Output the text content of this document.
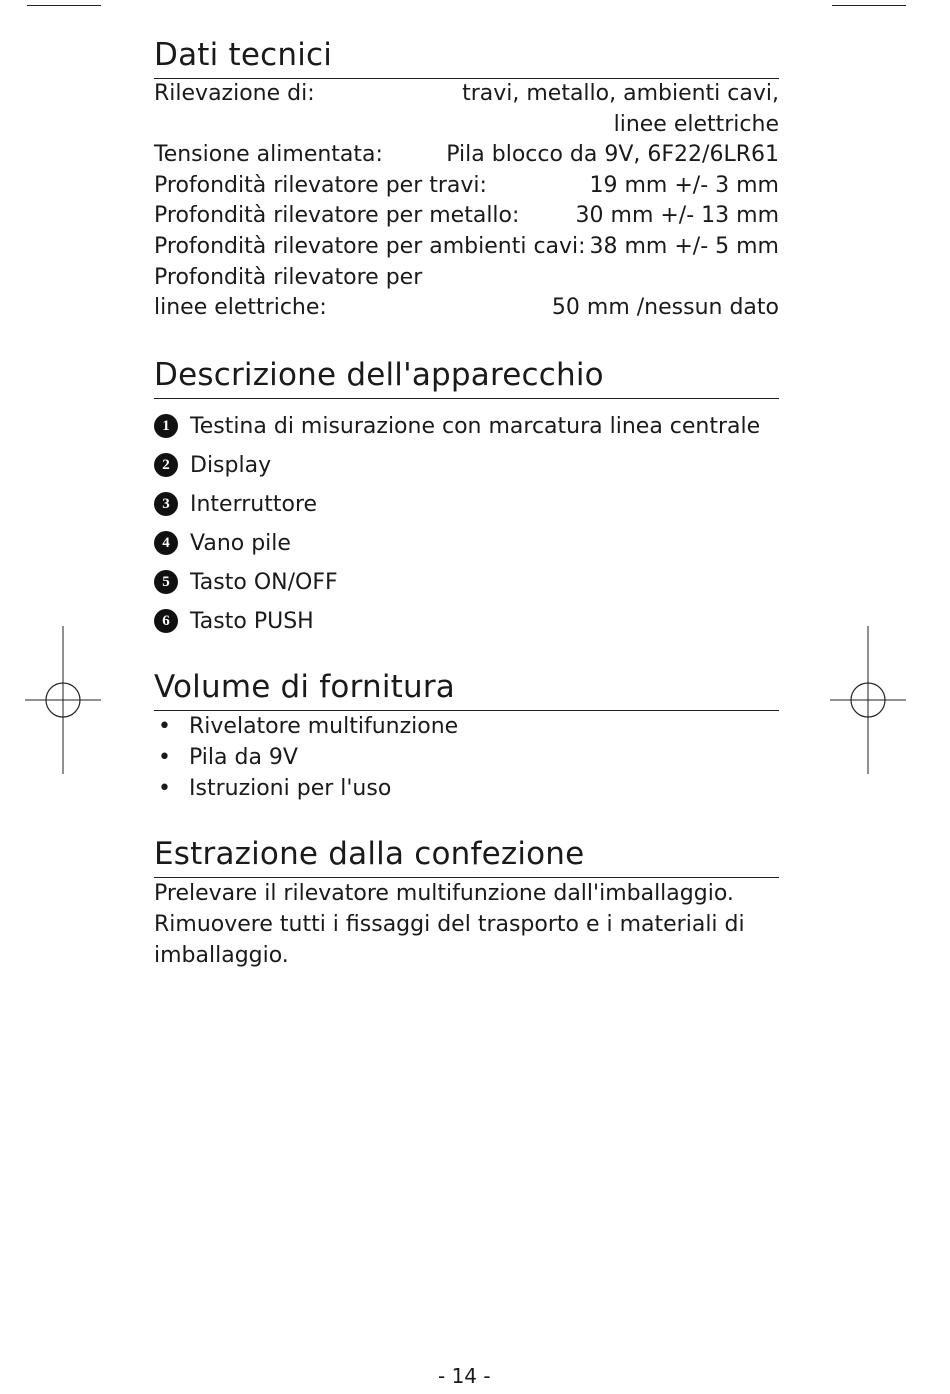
Dati tecnici
Rilevazione di:	travi, metallo, ambienti cavi,
linee elettriche
Tensione alimentata:	Pila blocco da 9V, 6F22/6LR61
Profondità rilevatore per travi:	19 mm +/- 3 mm
Profondità rilevatore per metallo:	30 mm +/- 13 mm
Profondità rilevatore per ambienti cavi: 38 mm +/- 5 mm
Profondità rilevatore per
linee elettriche:	50 mm /nessun dato
Descrizione dell'apparecchio
1 Testina di misurazione con marcatura linea centrale
2 Display
3 Interruttore
4 Vano pile
5 Tasto ON/OFF
6 Tasto PUSH
Volume di fornitura
• Rivelatore multifunzione
• Pila da 9V
• Istruzioni per l'uso
Estrazione dalla confezione
Prelevare il rilevatore multifunzione dall'imballaggio.
Rimuovere tutti i fissaggi del trasporto e i materiali di
imballaggio.
- 14 -
